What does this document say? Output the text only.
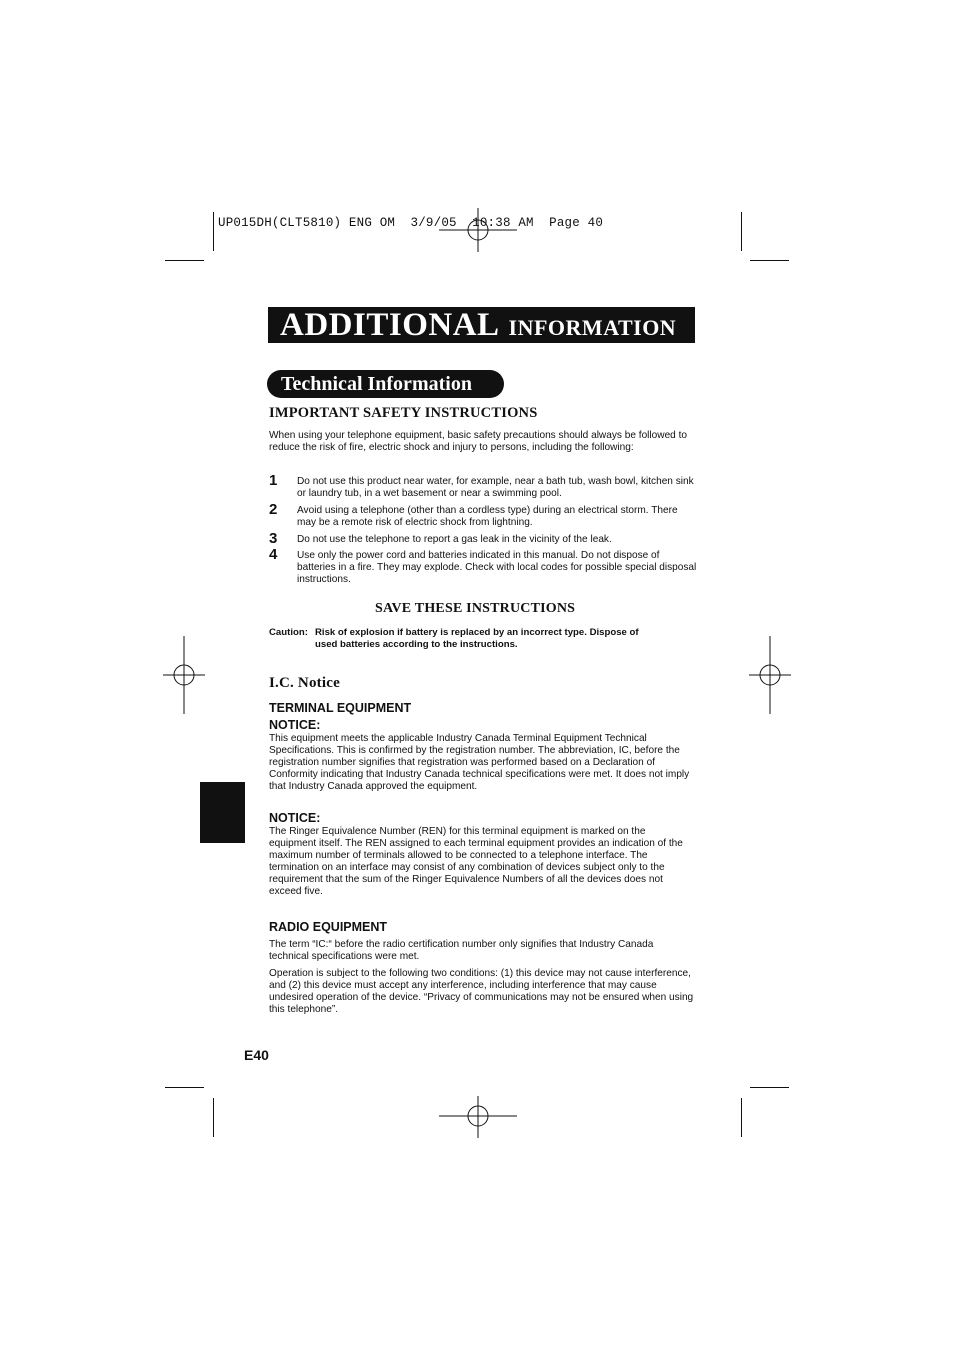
UP015DH(CLT5810) ENG OM  3/9/05  10:38 AM  Page 40
ADDITIONAL INFORMATION
Technical Information
IMPORTANT SAFETY INSTRUCTIONS
When using your telephone equipment, basic safety precautions should always be followed to reduce the risk of fire, electric shock and injury to persons, including the following:
1 Do not use this product near water, for example, near a bath tub, wash bowl, kitchen sink or laundry tub, in a wet basement or near a swimming pool.
2 Avoid using a telephone (other than a cordless type) during an electrical storm. There may be a remote risk of electric shock from lightning.
3 Do not use the telephone to report a gas leak in the vicinity of the leak.
4 Use only the power cord and batteries indicated in this manual. Do not dispose of batteries in a fire. They may explode. Check with local codes for possible special disposal instructions.
SAVE THESE INSTRUCTIONS
Caution: Risk of explosion if battery is replaced by an incorrect type. Dispose of
used batteries according to the instructions.
I.C. Notice
TERMINAL EQUIPMENT
NOTICE:
This equipment meets the applicable Industry Canada Terminal Equipment Technical Specifications. This is confirmed by the registration number. The abbreviation, IC, before the registration number signifies that registration was performed based on a Declaration of Conformity indicating that Industry Canada technical specifications were met. It does not imply that Industry Canada approved the equipment.
NOTICE:
The Ringer Equivalence Number (REN) for this terminal equipment is marked on the equipment itself. The REN assigned to each terminal equipment provides an indication of the maximum number of terminals allowed to be connected to a telephone interface. The termination on an interface may consist of any combination of devices subject only to the requirement that the sum of the Ringer Equivalence Numbers of all the devices does not exceed five.
RADIO EQUIPMENT
The term “IC:“ before the radio certification number only signifies that Industry Canada technical specifications were met.
Operation is subject to the following two conditions: (1) this device may not cause interference, and (2) this device must accept any interference, including interference that may cause undesired operation of the device. “Privacy of communications may not be ensured when using this telephone”.
E40
